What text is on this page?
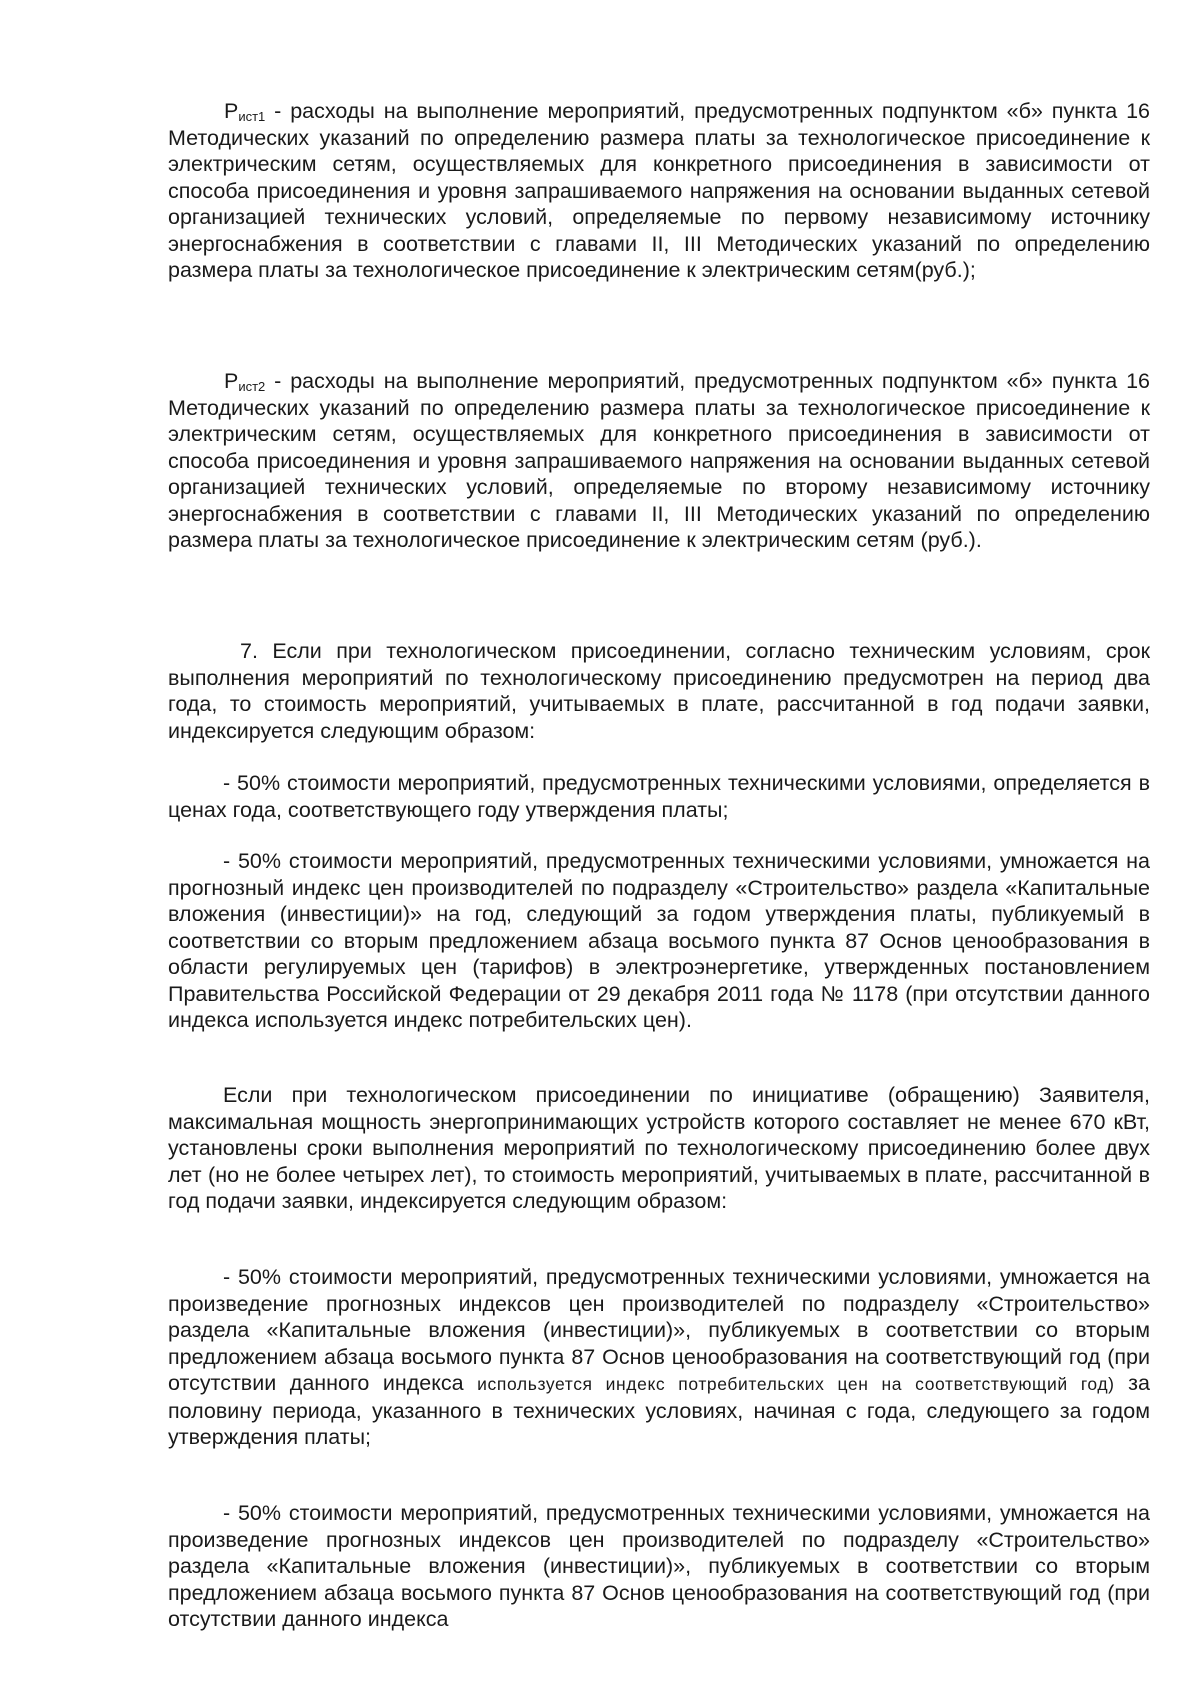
$Р_{ист1}$ - расходы на выполнение мероприятий, предусмотренных подпунктом «б» пункта 16 Методических указаний по определению размера платы за технологическое присоединение к электрическим сетям, осуществляемых для конкретного присоединения в зависимости от способа присоединения и уровня запрашиваемого напряжения на основании выданных сетевой организацией технических условий, определяемые по первому независимому источнику энергоснабжения в соответствии с главами II, III Методических указаний по определению размера платы за технологическое присоединение к электрическим сетям(руб.);

$Р_{ист2}$ - расходы на выполнение мероприятий, предусмотренных подпунктом «б» пункта 16 Методических указаний по определению размера платы за технологическое присоединение к электрическим сетям, осуществляемых для конкретного присоединения в зависимости от способа присоединения и уровня запрашиваемого напряжения на основании выданных сетевой организацией технических условий, определяемые по второму независимому источнику энергоснабжения в соответствии с главами II, III Методических указаний по определению размера платы за технологическое присоединение к электрическим сетям (руб.).

7. Если при технологическом присоединении, согласно техническим условиям, срок выполнения мероприятий по технологическому присоединению предусмотрен на период два года, то стоимость мероприятий, учитываемых в плате, рассчитанной в год подачи заявки, индексируется следующим образом:

- 50% стоимости мероприятий, предусмотренных техническими условиями, определяется в ценах года, соответствующего году утверждения платы;

- 50% стоимости мероприятий, предусмотренных техническими условиями, умножается на прогнозный индекс цен производителей по подразделу «Строительство» раздела «Капитальные вложения (инвестиции)» на год, следующий за годом утверждения платы, публикуемый в соответствии со вторым предложением абзаца восьмого пункта 87 Основ ценообразования в области регулируемых цен (тарифов) в электроэнергетике, утвержденных постановлением Правительства Российской Федерации от 29 декабря 2011 года № 1178 (при отсутствии данного индекса используется индекс потребительских цен).

Если при технологическом присоединении по инициативе (обращению) Заявителя, максимальная мощность энергопринимающих устройств которого составляет не менее 670 кВт, установлены сроки выполнения мероприятий по технологическому присоединению более двух лет (но не более четырех лет), то стоимость мероприятий, учитываемых в плате, рассчитанной в год подачи заявки, индексируется следующим образом:

- 50% стоимости мероприятий, предусмотренных техническими условиями, умножается на произведение прогнозных индексов цен производителей по подразделу «Строительство» раздела «Капитальные вложения (инвестиции)», публикуемых в соответствии со вторым предложением абзаца восьмого пункта 87 Основ ценообразования на соответствующий год (при отсутствии данного индекса используется индекс потребительских цен на соответствующий год) за половину периода, указанного в технических условиях, начиная с года, следующего за годом утверждения платы;

- 50% стоимости мероприятий, предусмотренных техническими условиями, умножается на произведение прогнозных индексов цен производителей по подразделу «Строительство» раздела «Капитальные вложения (инвестиции)», публикуемых в соответствии со вторым предложением абзаца восьмого пункта 87 Основ ценообразования на соответствующий год (при отсутствии данного индекса
